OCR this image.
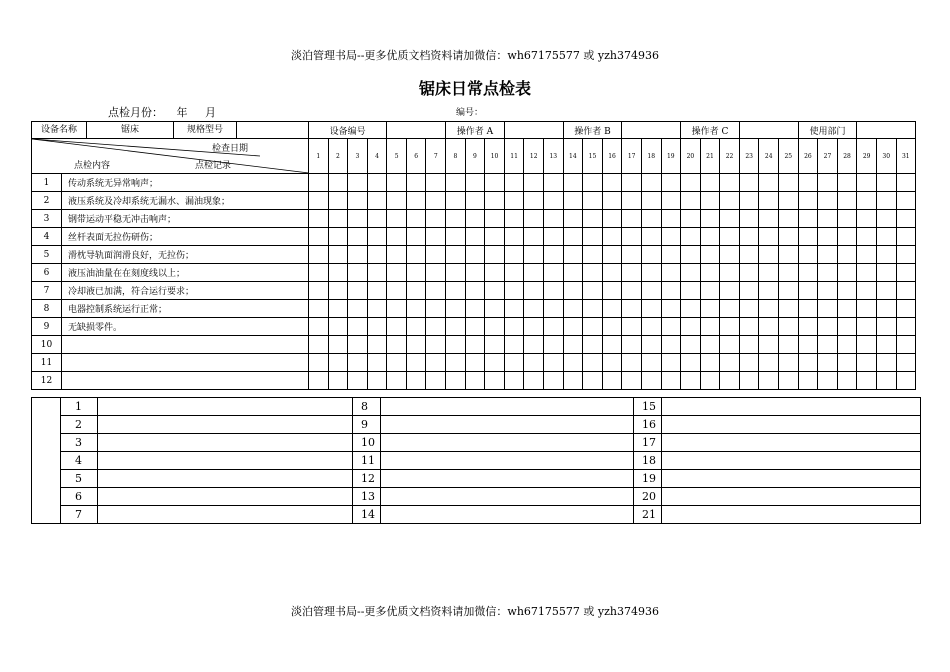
淡泊管理书局--更多优质文档资料请加微信：wh67175577 或 yzh374936
锯床日常点检表
点检月份： 年 月	编号：
设备名称 锯床 规格型号		设备编号							操作者 A						操作者 B						操作者 C						使用部门					

检查日期
点检记录
点检内容		1	2	3	4	5	6	7	8	9	10	11	12	13	14	15	16	17	18	19	20	21	22	23	24	25	26	27	28	29	30	31
1	传动系统无异常响声；																															
2	液压系统及冷却系统无漏水、漏油现象；																															
3	钢带运动平稳无冲击响声；																															
4	丝杆表面无拉伤研伤；																															
5	滑枕导轨面润滑良好，无拉伤；																															
6	液压油油量在在刻度线以上；																															
7	冷却液已加满，符合运行要求；																															
8	电器控制系统运行正常；																															
9	无缺损零件。																															
10																																
11																																
12																																
	1		8		15	
	2		9		16	
	3		10		17	
	4		11		18	
	5		12		19	
	6		13		20	
	7		14		21	
淡泊管理书局--更多优质文档资料请加微信：wh67175577 或 yzh374936
